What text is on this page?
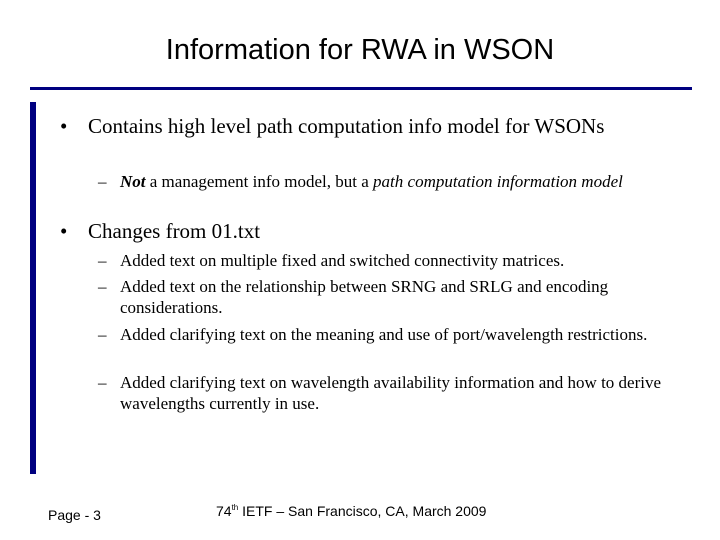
Information for RWA in WSON
• Contains high level path computation info model for WSONs
– Not a management info model, but a path computation information model
• Changes from 01.txt
– Added text on multiple fixed and switched connectivity matrices.
– Added text on the relationship between SRNG and SRLG and encoding considerations.
– Added clarifying text on the meaning and use of port/wavelength restrictions.
– Added clarifying text on wavelength availability information and how to derive wavelengths currently in use.
Page - 3	74th IETF – San Francisco, CA, March 2009
